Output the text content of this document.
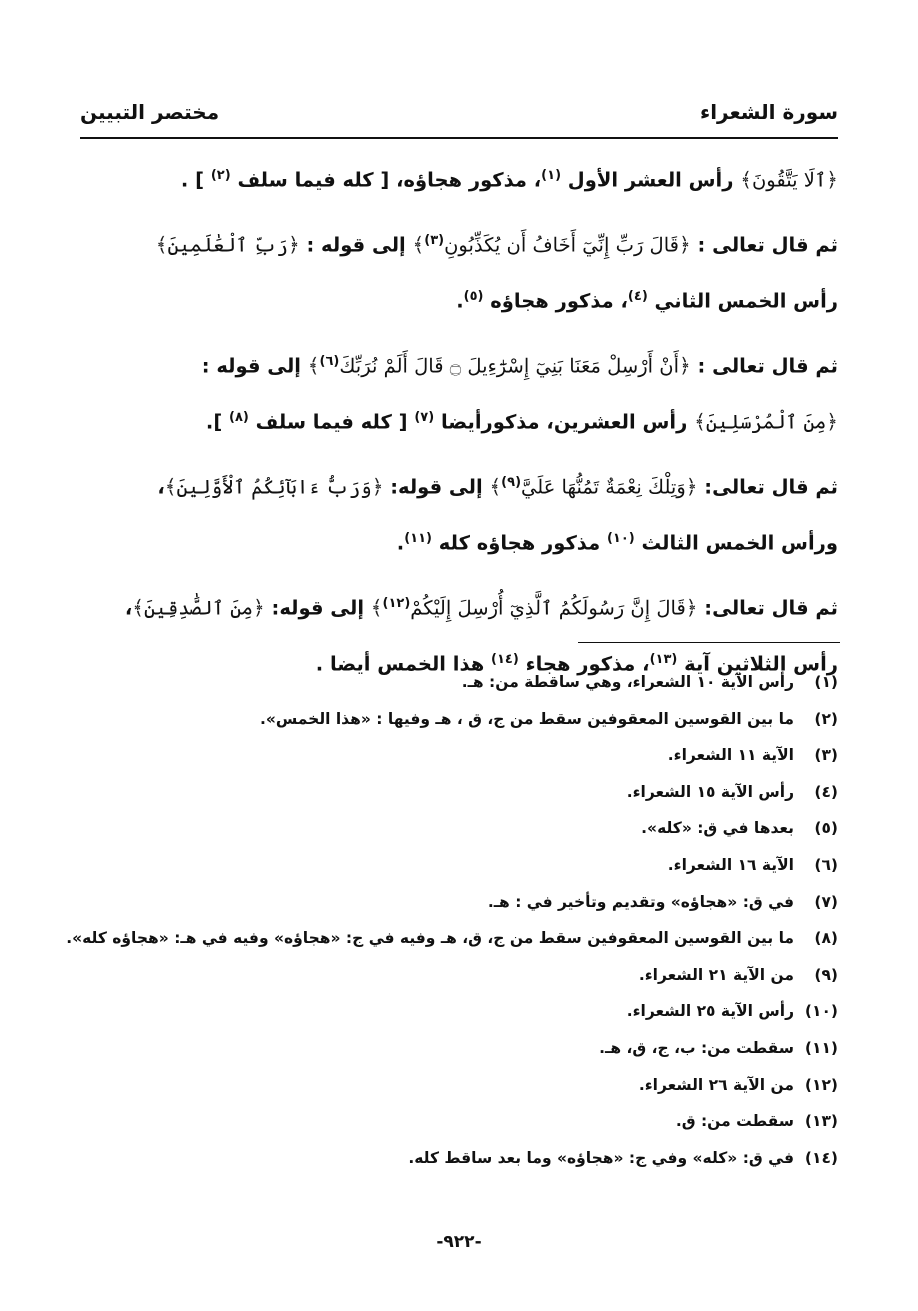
سورة الشعراء
مختصر التبيين
﴿ٱلَا يَتَّقُونَ﴾ رأس العشر الأول $^{(١)}$، مذكور هجاؤه، [ كله فيما سلف $^{(٢)}$ ] .
ثم قال تعالى : ﴿قَالَ رَبِّ إِنِّيٓ أَخَافُ أَن يُكَذِّبُونِ$^{(٣)}$﴾ إلى قوله : ﴿رَبِّ ٱلْعَٰلَمِينَ﴾
رأس الخمس الثاني $^{(٤)}$، مذكور هجاؤه $^{(٥)}$.
ثم قال تعالى : ﴿أَنْ أَرْسِلْ مَعَنَا بَنِيٓ إِسْرَٰٓءِيلَ ۝ قَالَ أَلَمْ نُرَبِّكَ$^{(٦)}$﴾ إلى قوله :
﴿مِنَ ٱلْمُرْسَلِينَ﴾ رأس العشرين، مذكورأيضا $^{(٧)}$ [ كله فيما سلف $^{(٨)}$ ].
ثم قال تعالى: ﴿وَتِلْكَ نِعْمَةٌ تَمُنُّهَا عَلَيَّ$^{(٩)}$﴾ إلى قوله: ﴿وَرَبُّ ءَابَآئِكُمُ ٱلْأَوَّلِينَ﴾،
ورأس الخمس الثالث $^{(١٠)}$ مذكور هجاؤه كله $^{(١١)}$.
ثم قال تعالى: ﴿قَالَ إِنَّ رَسُولَكُمُ ٱلَّذِيٓ أُرْسِلَ إِلَيْكُمْ$^{(١٢)}$﴾ إلى قوله: ﴿مِنَ ٱلصَّٰدِقِينَ﴾،
رأس الثلاثين آية $^{(١٣)}$، مذكور هجاء $^{(١٤)}$ هذا الخمس أيضا .
(١)رأس الآية ١٠ الشعراء، وهي ساقطة من: هـ.
(٢)ما بين القوسين المعقوفين سقط من ج، ق ، هـ وفيها : «هذا الخمس».
(٣)الآية ١١ الشعراء.
(٤)رأس الآية ١٥ الشعراء.
(٥)بعدها في ق: «كله».
(٦)الآية ١٦ الشعراء.
(٧)في ق: «هجاؤه» وتقديم وتأخير في : هـ.
(٨)ما بين القوسين المعقوفين سقط من ج، ق، هـ وفيه في ج: «هجاؤه» وفيه في هـ: «هجاؤه كله».
(٩)من الآية ٢١ الشعراء.
(١٠)رأس الآية ٢٥ الشعراء.
(١١)سقطت من: ب، ج، ق، هـ.
(١٢)من الآية ٢٦ الشعراء.
(١٣)سقطت من: ق.
(١٤)في ق: «كله» وفي ج: «هجاؤه» وما بعد ساقط كله.
-٩٢٢-
